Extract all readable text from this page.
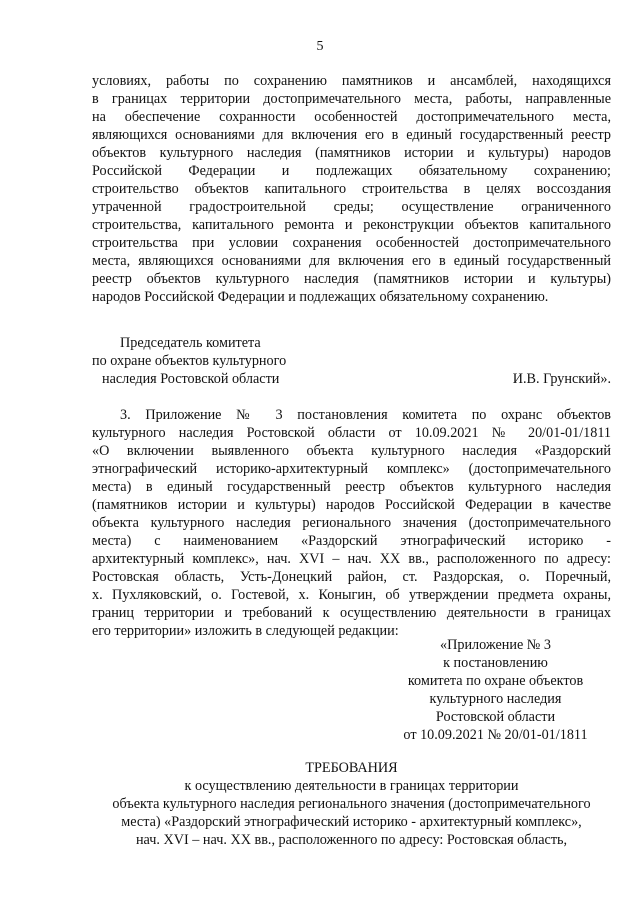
5
условиях, работы по сохранению памятников и ансамблей, находящихся
в границах территории достопримечательного места, работы, направленные
на обеспечение сохранности особенностей достопримечательного места,
являющихся основаниями для включения его в единый государственный реестр
объектов культурного наследия (памятников истории и культуры) народов
Российской Федерации и подлежащих обязательному сохранению;
строительство объектов капитального строительства в целях воссоздания
утраченной градостроительной среды; осуществление ограниченного
строительства, капитального ремонта и реконструкции объектов капитального
строительства при условии сохранения особенностей достопримечательного
места, являющихся основаниями для включения его в единый государственный
реестр объектов культурного наследия (памятников истории и культуры)
народов Российской Федерации и подлежащих обязательному сохранению.
Председатель комитета
по охране объектов культурного
наследия Ростовской области	И.В. Грунский».
3. Приложение № 3 постановления комитета по охранс объектов
культурного наследия Ростовской области от 10.09.2021 № 20/01-01/1811
«О включении выявленного объекта культурного наследия «Раздорский
этнографический историко-архитектурный комплекс» (достопримечательного
места) в единый государственный реестр объектов культурного наследия
(памятников истории и культуры) народов Российской Федерации в качестве
объекта культурного наследия регионального значения (достопримечательного
места) с наименованием «Раздорский этнографический историко -
архитектурный комплекс», нач. XVI – нач. XX вв., расположенного по адресу:
Ростовская область, Усть-Донецкий район, ст. Раздорская, о. Поречный,
х. Пухляковский, о. Гостевой, х. Коныгин, об утверждении предмета охраны,
границ территории и требований к осуществлению деятельности в границах
его территории» изложить в следующей редакции:
«Приложение № 3
к постановлению
комитета по охране объектов
культурного наследия
Ростовской области
от 10.09.2021 № 20/01-01/1811
ТРЕБОВАНИЯ
к осуществлению деятельности в границах территории
объекта культурного наследия регионального значения (достопримечательного
места) «Раздорский этнографический историко - архитектурный комплекс»,
нач. XVI – нач. XX вв., расположенного по адресу: Ростовская область,
